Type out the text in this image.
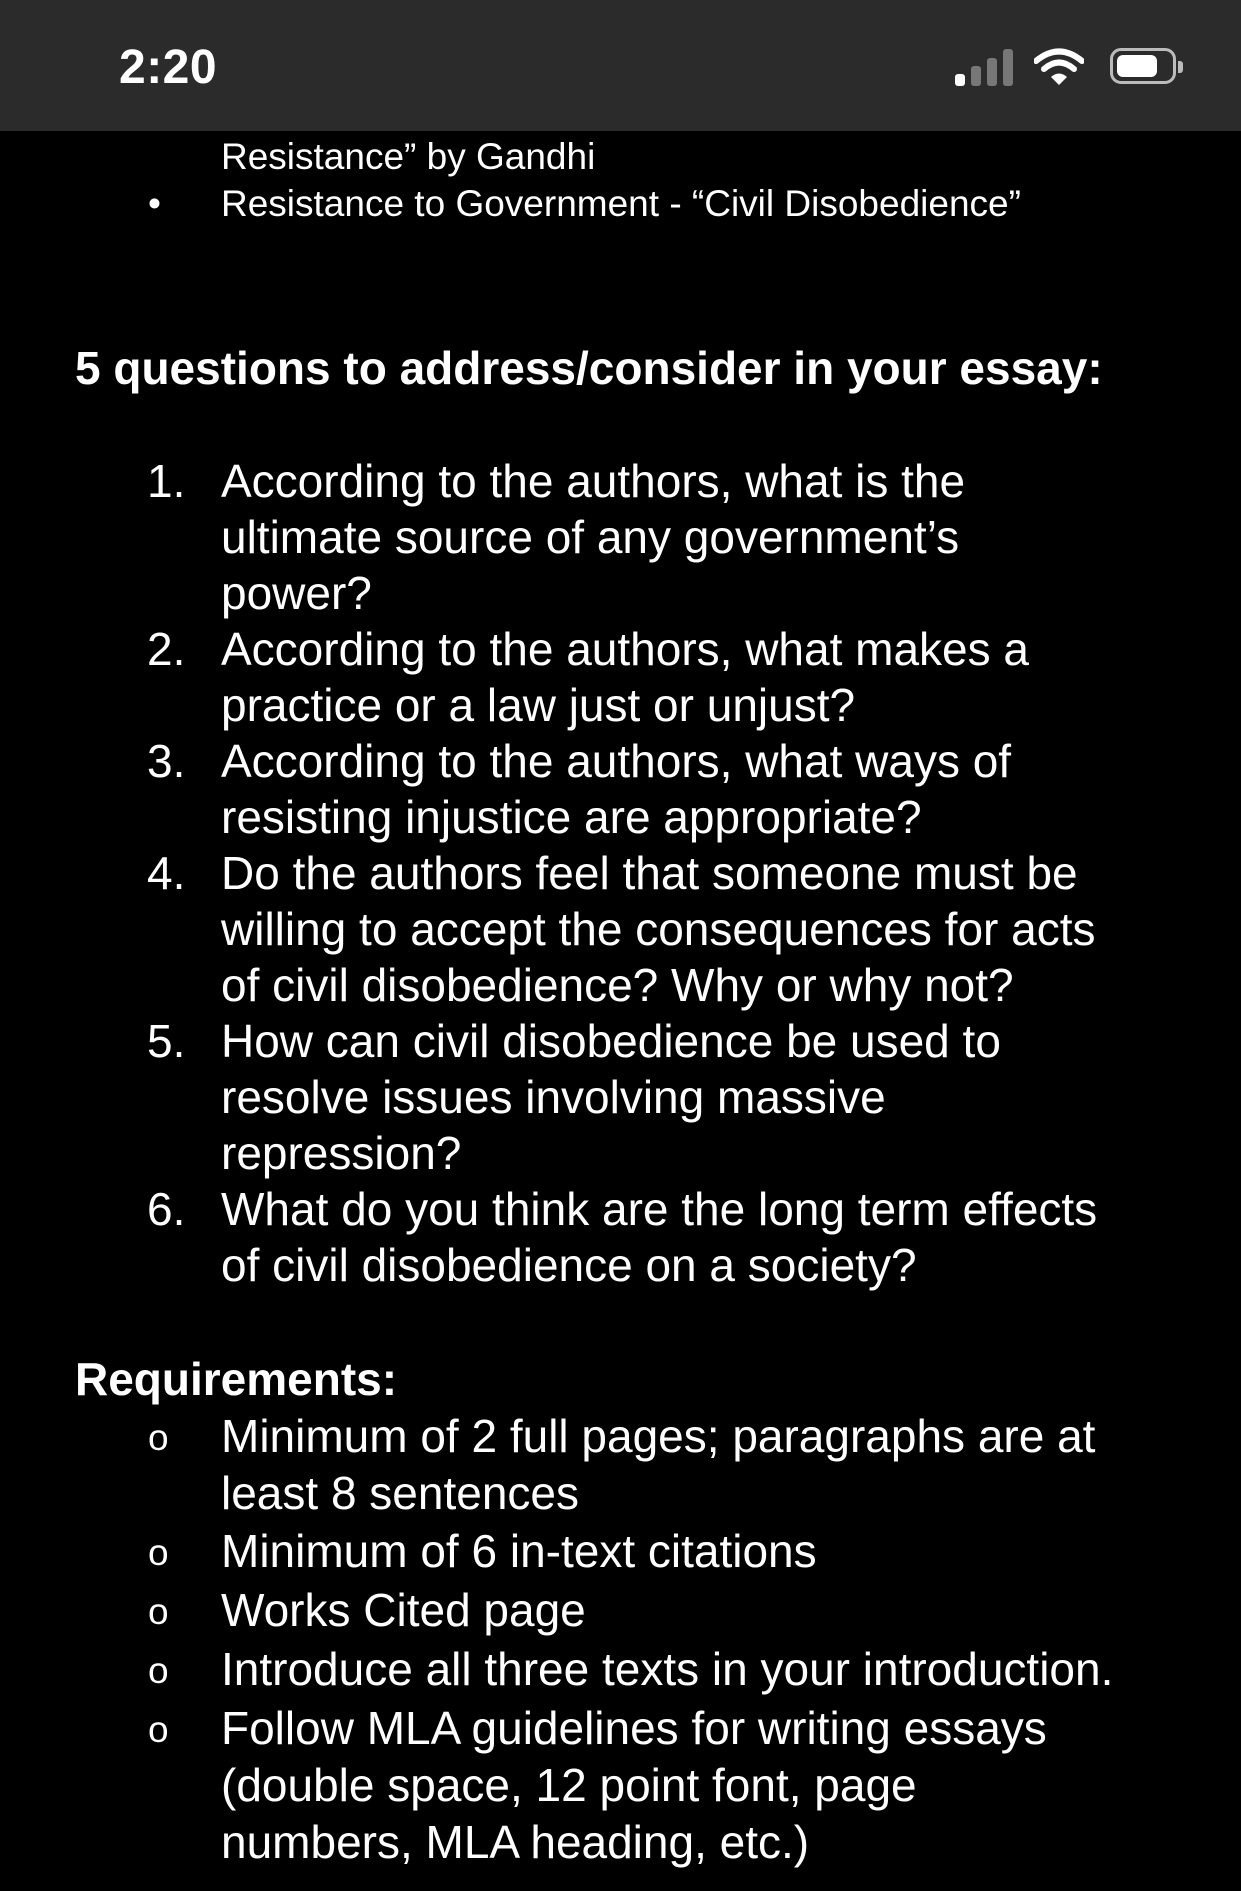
2:20
Resistance” by Gandhi
• Resistance to Government - “Civil Disobedience”
5 questions to address/consider in your essay:
1. According to the authors, what is the
ultimate source of any government’s
power?
2. According to the authors, what makes a
practice or a law just or unjust?
3. According to the authors, what ways of
resisting injustice are appropriate?
4. Do the authors feel that someone must be
willing to accept the consequences for acts
of civil disobedience? Why or why not?
5. How can civil disobedience be used to
resolve issues involving massive
repression?
6. What do you think are the long term effects
of civil disobedience on a society?
Requirements:
o Minimum of 2 full pages; paragraphs are at
least 8 sentences
o Minimum of 6 in-text citations
o Works Cited page
o Introduce all three texts in your introduction.
o Follow MLA guidelines for writing essays
(double space, 12 point font, page
numbers, MLA heading, etc.)
